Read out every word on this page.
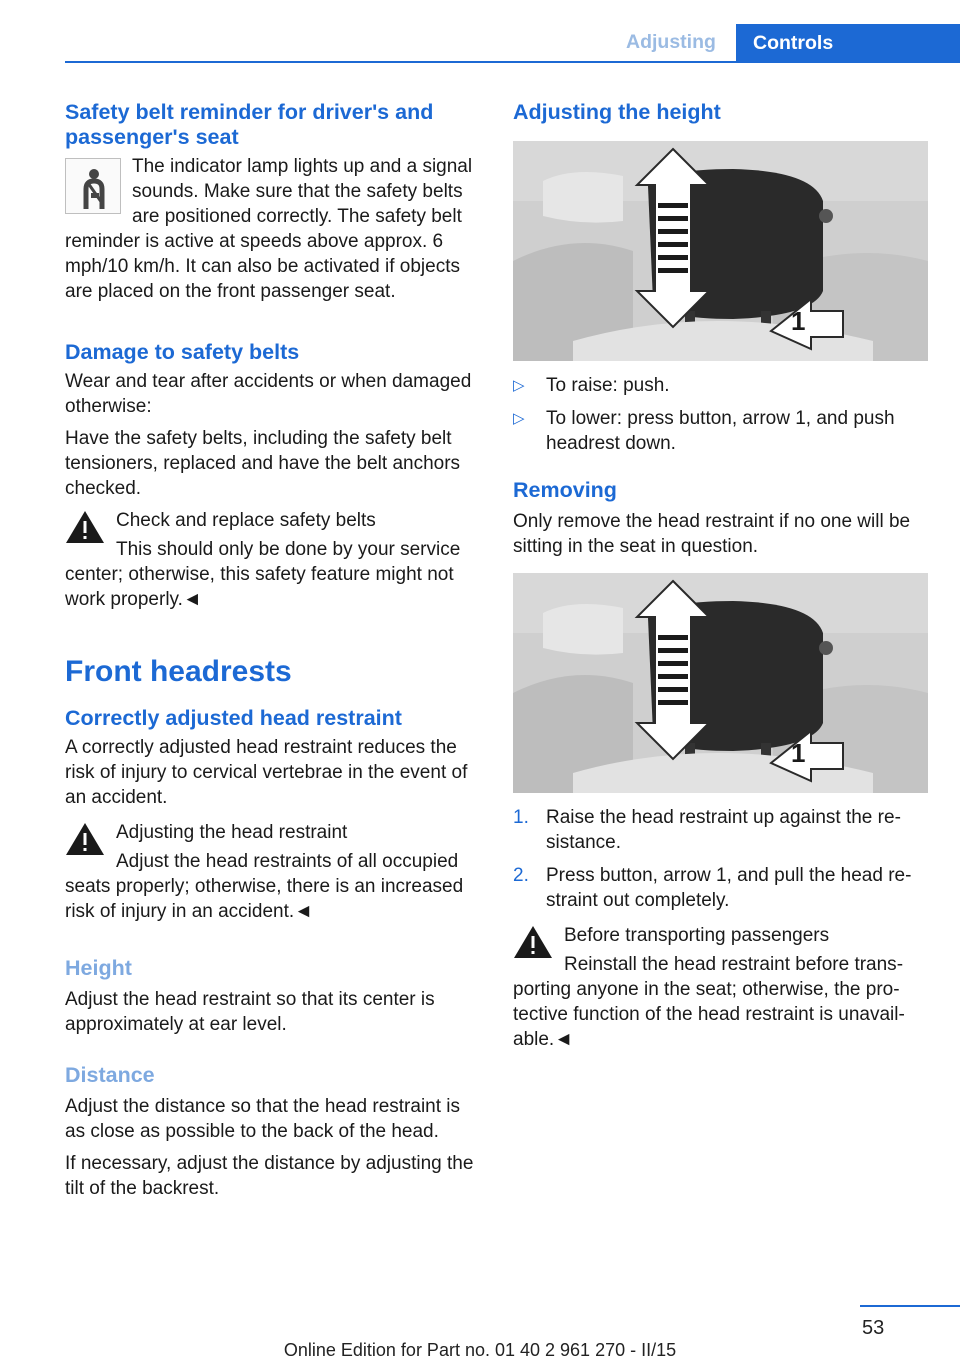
Adjusting Controls
Safety belt reminder for driver's and passenger's seat

The indicator lamp lights up and a signal sounds. Make sure that the safety belts are positioned correctly. The safety belt reminder is active at speeds above approx. 6 mph/10 km/h. It can also be activated if objects are placed on the front passenger seat.

Damage to safety belts

Wear and tear after accidents or when damaged otherwise:

Have the safety belts, including the safety belt tensioners, replaced and have the belt anchors checked.

Check and replace safety belts

This should only be done by your service center; otherwise, this safety feature might not work properly.◄

Front headrests
Correctly adjusted head restraint

A correctly adjusted head restraint reduces the risk of injury to cervical vertebrae in the event of an accident.

Adjusting the head restraint

Adjust the head restraints of all occupied seats properly; otherwise, there is an increased risk of injury in an accident.◄

Height

Adjust the head restraint so that its center is approximately at ear level.

Distance

Adjust the distance so that the head restraint is as close as possible to the back of the head.

If necessary, adjust the distance by adjusting the tilt of the backrest.

Adjusting the height
1
▷ To raise: push.
▷ To lower: press button, arrow 1, and push headrest down.
Removing

Only remove the head restraint if no one will be sitting in the seat in question.

1
1. Raise the head restraint up against the resistance.
2. Press button, arrow 1, and pull the head restraint out completely.

Before transporting passengers

Reinstall the head restraint before transporting anyone in the seat; otherwise, the protective function of the head restraint is unavailable.◄

53
Online Edition for Part no. 01 40 2 961 270 - II/15
